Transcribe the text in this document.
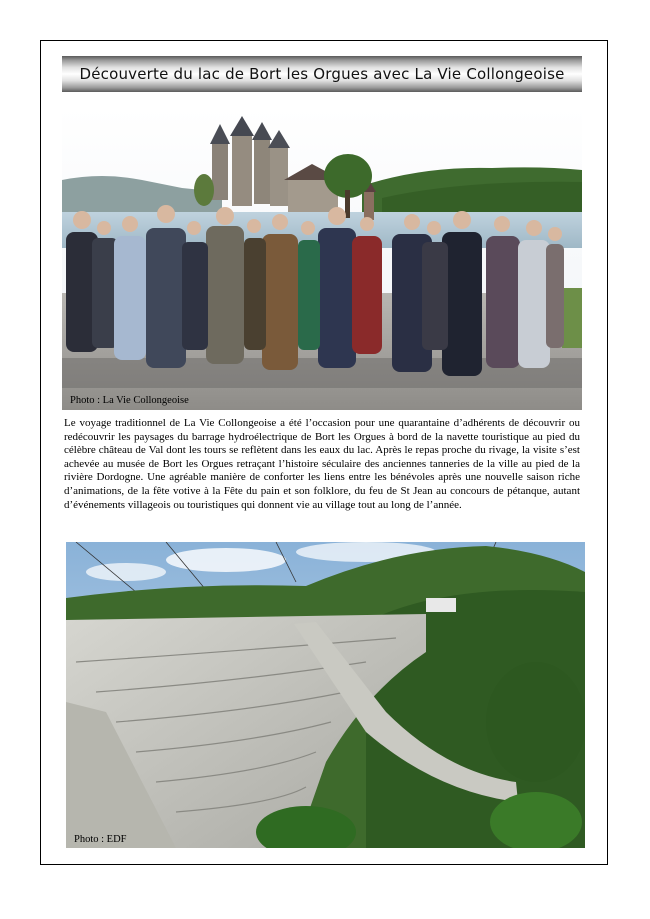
Découverte du lac de Bort les Orgues avec La Vie Collongeoise
Photo : La Vie Collongeoise

Le voyage traditionnel de La Vie Collongeoise a été l’occasion pour une quarantaine d’adhérents de découvrir ou redécouvrir les paysages du barrage hydroélectrique de Bort les Orgues à bord de la navette touristique au pied du célèbre château de Val dont les tours se reflètent dans les eaux du lac. Après le repas proche du rivage, la visite s’est achevée au musée de Bort les Orgues retraçant l’histoire séculaire des anciennes tanneries de la ville au pied de la rivière Dordogne. Une agréable manière de conforter les liens entre les bénévoles après une nouvelle saison riche d’animations, de la fête votive à la Fête du pain et son folklore, du feu de St Jean au concours de pétanque, autant d’événements villageois ou touristiques qui donnent vie au village tout au long de l’année.

Photo : EDF
